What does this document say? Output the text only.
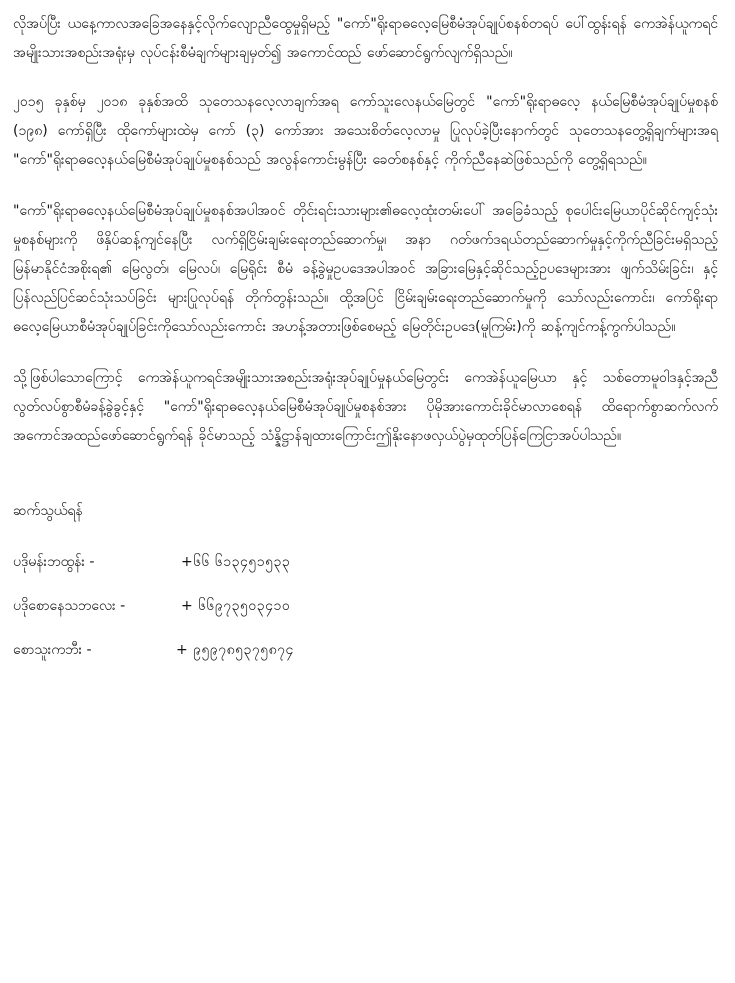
လိုအပ်ပြီး ယနေ့ကာလအခြေအနေနှင့်လိုက်လျောညီထွေမှုရှိမည့် "ကော်"ရိုးရာဓလေ့မြေစီမံအုပ်ချုပ်စနစ်တရပ် ပေါ်ထွန်းရန် ကေအဲန်ယူကရင်အမျိုးသားအစည်းအရုံးမှ လုပ်ငန်းစီမံချက်များချမှတ်၍ အကောင်ထည် ဖော်ဆောင်ရွက်လျက်ရှိသည်။

၂၀၁၅ ခုနှစ်မှ ၂၀၁၈ ခုနှစ်အထိ သုတေသနလေ့လာချက်အရ ကော်သူးလေနယ်မြေတွင် "ကော်"ရိုးရာဓလေ့ နယ်မြေစီမံအုပ်ချုပ်မှုစနစ် (၁၉၈) ကော်ရှိပြီး ထိုကော်များထဲမှ ကော် (၃) ကော်အား အသေးစိတ်လေ့လာမှု ပြုလုပ်ခဲ့ပြီးနောက်တွင် သုတေသနတွေ့ရှိချက်များအရ "ကော်"ရိုးရာဓလေ့နယ်မြေစီမံအုပ်ချုပ်မှုစနစ်သည် အလွန်ကောင်းမွန်ပြီး ခေတ်စနစ်နှင့် ကိုက်ညီနေဆဲဖြစ်သည်ကို တွေ့ရှိရသည်။

"ကော်"ရိုးရာဓလေ့နယ်မြေစီမံအုပ်ချုပ်မှုစနစ်အပါအဝင် တိုင်းရင်းသားများ၏ဓလေ့ထုံးတမ်းပေါ် အခြေခံသည့် စုပေါင်းမြေယာပိုင်ဆိုင်ကျင့်သုံးမှုစနစ်များကို ဖိနှိပ်ဆန့်ကျင်နေပြီး လက်ရှိငြိမ်းချမ်းရေးတည်ဆောက်မှု၊ အနာ ဂတ်ဖက်ဒရယ်တည်ဆောက်မှုနှင့်ကိုက်ညီခြင်းမရှိသည့် မြန်မာနိုင်ငံအစိုးရ၏ မြေလွတ်၊ မြေလပ်၊ မြေရိုင်း စီမံ ခန့်ခွဲမှုဥပဒေအပါအဝင် အခြားမြေနှင့်ဆိုင်သည့်ဥပဒေများအား ဖျက်သိမ်းခြင်း၊ နှင့်ပြန်လည်ပြင်ဆင်သုံးသပ်ခြင်း များပြုလုပ်ရန် တိုက်တွန်းသည်။ ထို့အပြင် ငြိမ်းချမ်းရေးတည်ဆောက်မှုကို သော်လည်းကောင်း၊ ကော်ရိုးရာ ဓလေ့မြေယာစီမံအုပ်ချုပ်ခြင်းကိုသော်လည်းကောင်း အဟန့်အတားဖြစ်စေမည့် မြေတိုင်းဥပဒေ(မူကြမ်း)ကို ဆန့်ကျင်ကန့်ကွက်ပါသည်။

သို့ဖြစ်ပါသောကြောင့် ကေအဲန်ယူကရင်အမျိုးသားအစည်းအရုံးအုပ်ချုပ်မှုနယ်မြေတွင်း ကေအဲန်ယူမြေယာ နှင့် သစ်တောမူဝါဒနှင့်အညီ လွတ်လပ်စွာစီမံခန့်ခွဲခွင့်နှင့် "ကော်"ရိုးရာဓလေ့နယ်မြေစီမံအုပ်ချုပ်မှုစနစ်အား ပိုမိုအားကောင်းခိုင်မာလာစေရန် ထိရောက်စွာဆက်လက်အကောင်အထည်ဖော်ဆောင်ရွက်ရန် ခိုင်မာသည့် သံန္နိဋ္ဌာန်ချထားကြောင်းဤနိုးနောဖလှယ်ပွဲမှထုတ်ပြန်ကြေငြာအပ်ပါသည်။

ဆက်သွယ်ရန်
ပဒိုမန်းဘထွန်း -	+၆၆ ၆၁၃၄၅၁၅၃၃
ပဒိုစောနေသဘလေး -	+ ၆၆၉၇၃၅၀၃၄၁၀
စောသူးကဘီး -	+ ၉၅၉၇၈၅၃၇၅၈၇၄
